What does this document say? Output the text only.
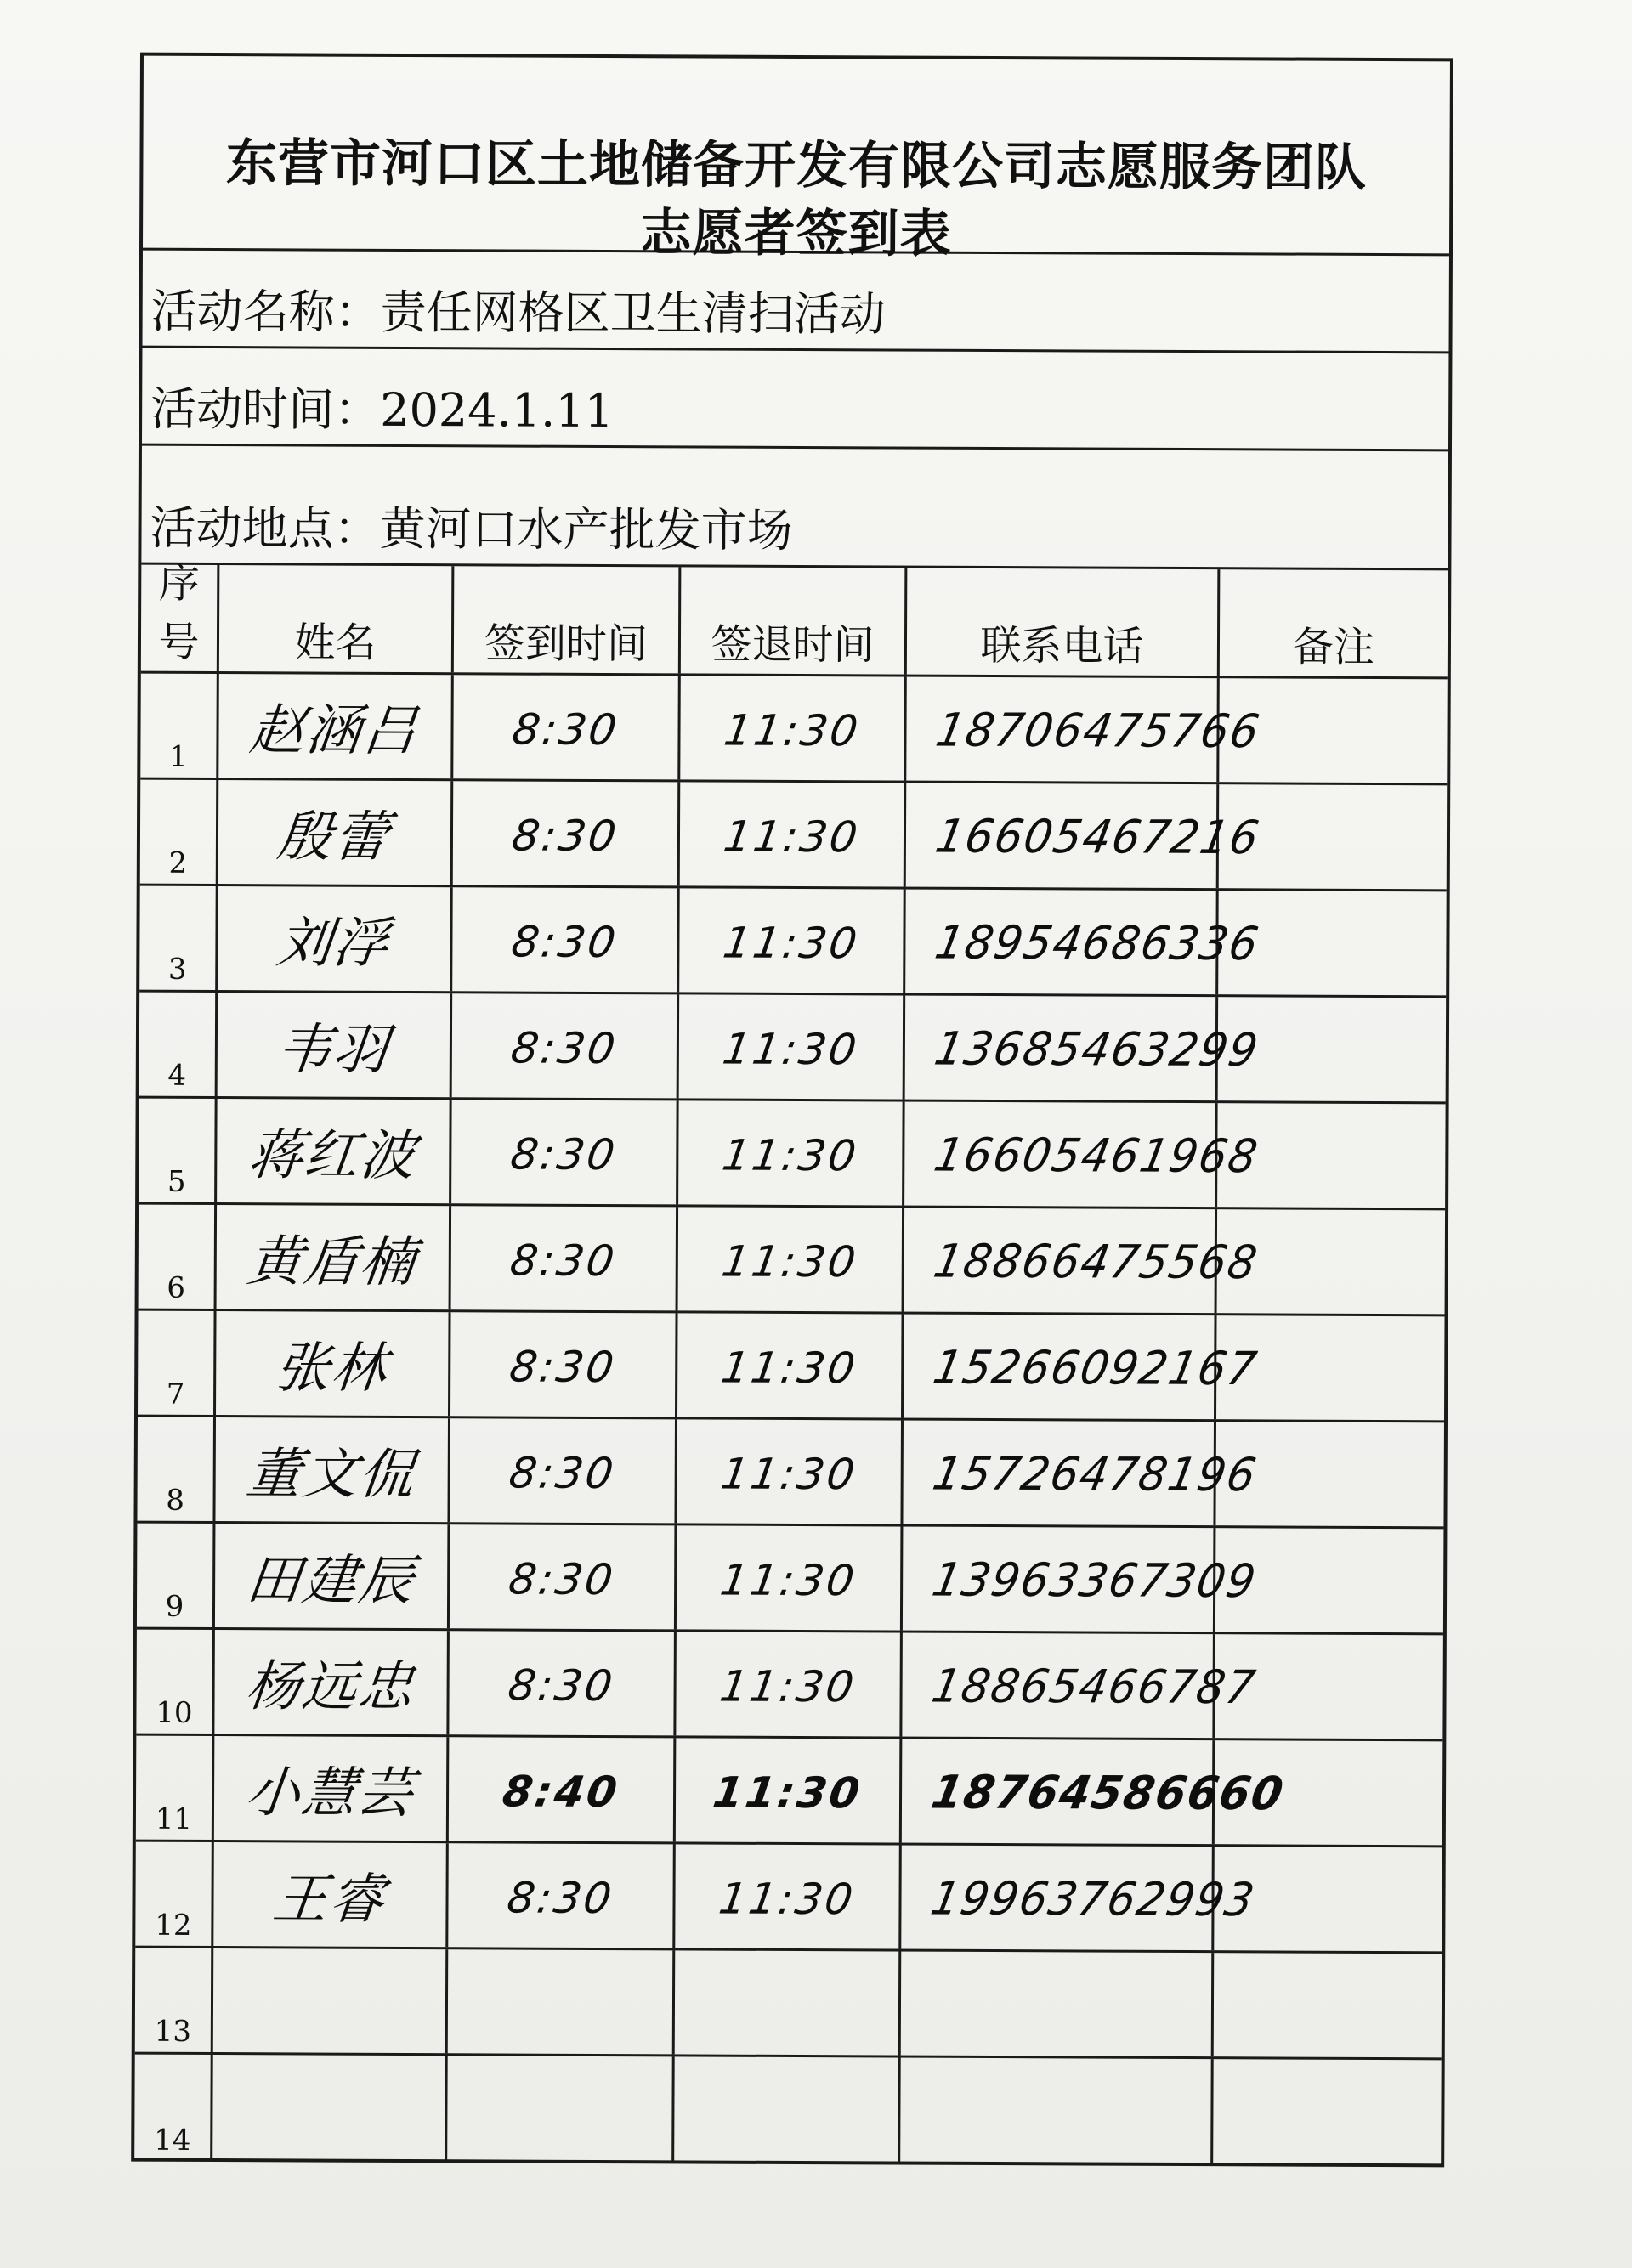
东营市河口区土地储备开发有限公司志愿服务团队
志愿者签到表
活动名称：责任网格区卫生清扫活动
活动时间：2024.1.11
活动地点：黄河口水产批发市场
序号	姓名	签到时间	签退时间	联系电话	备注
1	赵涵吕	8:30	11:30	18706475766
2	殷蕾	8:30	11:30	16605467216
3	刘浮	8:30	11:30	18954686336
4	韦羽	8:30	11:30	13685463299
5	蒋红波	8:30	11:30	16605461968
6	黄盾楠	8:30	11:30	18866475568
7	张林	8:30	11:30	15266092167
8	董文侃	8:30	11:30	15726478196
9	田建辰	8:30	11:30	13963367309
10 杨远忠	8:30	11:30	18865466787
11 小慧芸	8:40	11:30	18764586660
12	王睿	8:30	11:30	19963762993
13
14
